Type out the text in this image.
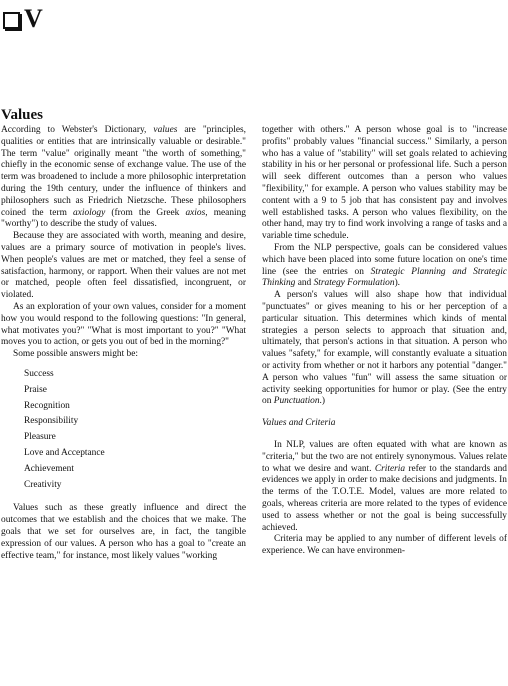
V
Values

According to Webster's Dictionary, values are "principles, qualities or entities that are intrinsically valuable or desirable." The term "value" originally meant "the worth of something," chiefly in the economic sense of exchange value. The use of the term was broadened to include a more philosophic interpretation during the 19th century, under the influence of thinkers and philosophers such as Friedrich Nietzsche. These philosophers coined the term axiology (from the Greek axios, meaning "worthy") to describe the study of values.

Because they are associated with worth, meaning and desire, values are a primary source of motivation in people's lives. When people's values are met or matched, they feel a sense of satisfaction, harmony, or rapport. When their values are not met or matched, people often feel dissatisfied, incongruent, or violated.

As an exploration of your own values, consider for a moment how you would respond to the following questions: "In general, what motivates you?" "What is most important to you?" "What moves you to action, or gets you out of bed in the morning?"

Some possible answers might be:

Success
Praise
Recognition
Responsibility
Pleasure
Love and Acceptance
Achievement
Creativity

Values such as these greatly influence and direct the outcomes that we establish and the choices that we make. The goals that we set for ourselves are, in fact, the tangible expression of our values. A person who has a goal to "create an effective team," for instance, most likely values "working

together with others." A person whose goal is to "increase profits" probably values "financial success." Similarly, a person who has a value of "stability" will set goals related to achieving stability in his or her personal or professional life. Such a person will seek different outcomes than a person who values "flexibility," for example. A person who values stability may be content with a 9 to 5 job that has consistent pay and involves well established tasks. A person who values flexibility, on the other hand, may try to find work involving a range of tasks and a variable time schedule.

From the NLP perspective, goals can be considered values which have been placed into some future location on one's time line (see the entries on Strategic Planning and Strategic Thinking and Strategy Formulation).

A person's values will also shape how that individual "punctuates" or gives meaning to his or her perception of a particular situation. This determines which kinds of mental strategies a person selects to approach that situation and, ultimately, that person's actions in that situation. A person who values "safety," for example, will constantly evaluate a situation or activity from whether or not it harbors any potential "danger." A person who values "fun" will assess the same situation or activity seeking opportunities for humor or play. (See the entry on Punctuation.)

Values and Criteria

In NLP, values are often equated with what are known as "criteria," but the two are not entirely synonymous. Values relate to what we desire and want. Criteria refer to the standards and evidences we apply in order to make decisions and judgments. In the terms of the T.O.T.E. Model, values are more related to goals, whereas criteria are more related to the types of evidence used to assess whether or not the goal is being successfully achieved.

Criteria may be applied to any number of different levels of experience. We can have environmen-
